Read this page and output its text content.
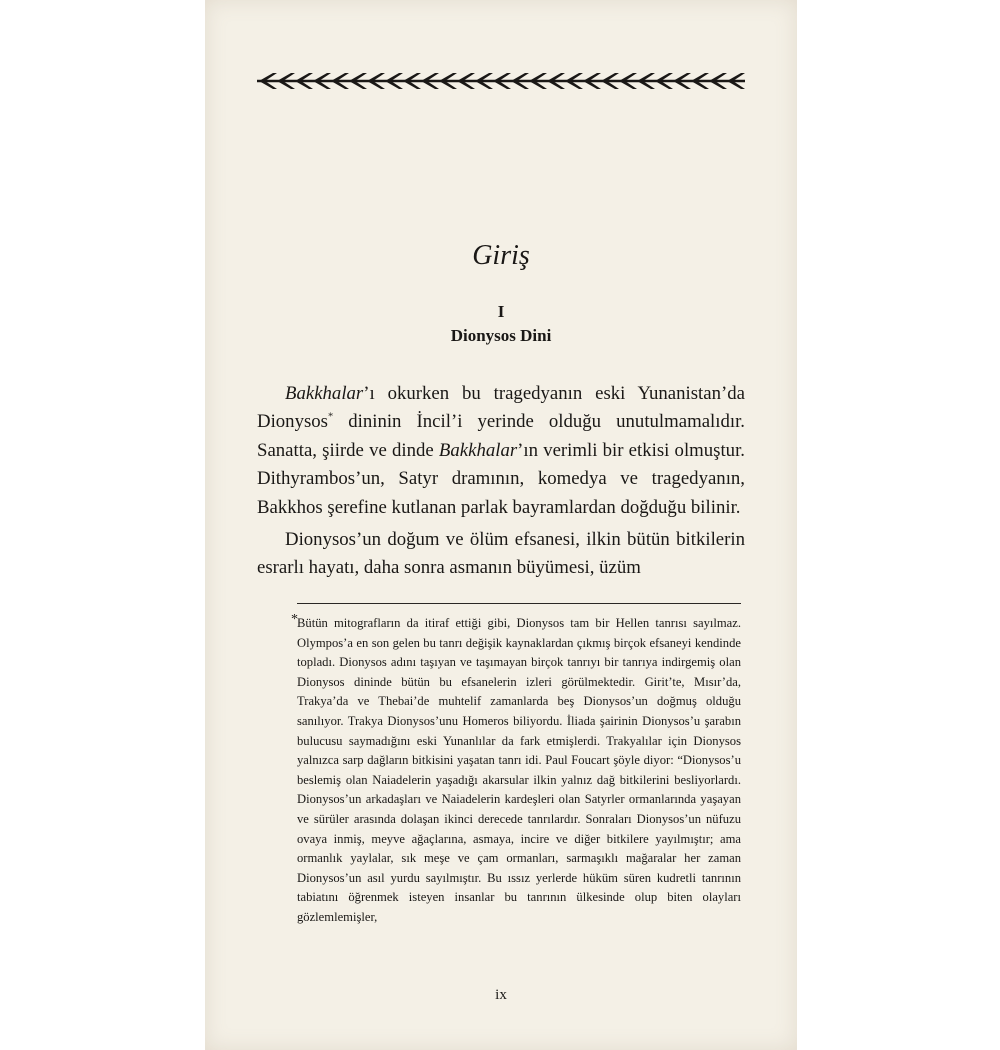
Giriş
I
Dionysos Dini

Bakkhalar’ı okurken bu tragedyanın eski Yunanistan’da Dionysos* dininin İncil’i yerinde olduğu unutulmamalıdır. Sanatta, şiirde ve dinde Bakkhalar’ın verimli bir etkisi olmuştur. Dithyrambos’un, Satyr dramının, komedya ve tragedyanın, Bakkhos şerefine kutlanan parlak bayramlardan doğduğu bilinir.

Dionysos’un doğum ve ölüm efsanesi, ilkin bütün bitkilerin esrarlı hayatı, daha sonra asmanın büyümesi, üzüm

* Bütün mitografların da itiraf ettiği gibi, Dionysos tam bir Hellen tanrısı sayılmaz. Olympos’a en son gelen bu tanrı değişik kaynaklardan çıkmış birçok efsaneyi kendinde topladı. Dionysos adını taşıyan ve taşımayan birçok tanrıyı bir tanrıya indirgemiş olan Dionysos dininde bütün bu efsanelerin izleri görülmektedir. Girit’te, Mısır’da, Trakya’da ve Thebai’de muhtelif zamanlarda beş Dionysos’un doğmuş olduğu sanılıyor. Trakya Dionysos’unu Homeros biliyordu. İliada şairinin Dionysos’u şarabın bulucusu saymadığını eski Yunanlılar da fark etmişlerdi. Trakyalılar için Dionysos yalnızca sarp dağların bitkisini yaşatan tanrı idi. Paul Foucart şöyle diyor: “Dionysos’u beslemiş olan Naiadelerin yaşadığı akarsular ilkin yalnız dağ bitkilerini besliyorlardı. Dionysos’un arkadaşları ve Naiadelerin kardeşleri olan Satyrler ormanlarında yaşayan ve sürüler arasında dolaşan ikinci derecede tanrılardır. Sonraları Dionysos’un nüfuzu ovaya inmiş, meyve ağaçlarına, asmaya, incire ve diğer bitkilere yayılmıştır; ama ormanlık yaylalar, sık meşe ve çam ormanları, sarmaşıklı mağaralar her zaman Dionysos’un asıl yurdu sayılmıştır. Bu ıssız yerlerde hüküm süren kudretli tanrının tabiatını öğrenmek isteyen insanlar bu tanrının ülkesinde olup biten olayları gözlemlemişler,

ix
